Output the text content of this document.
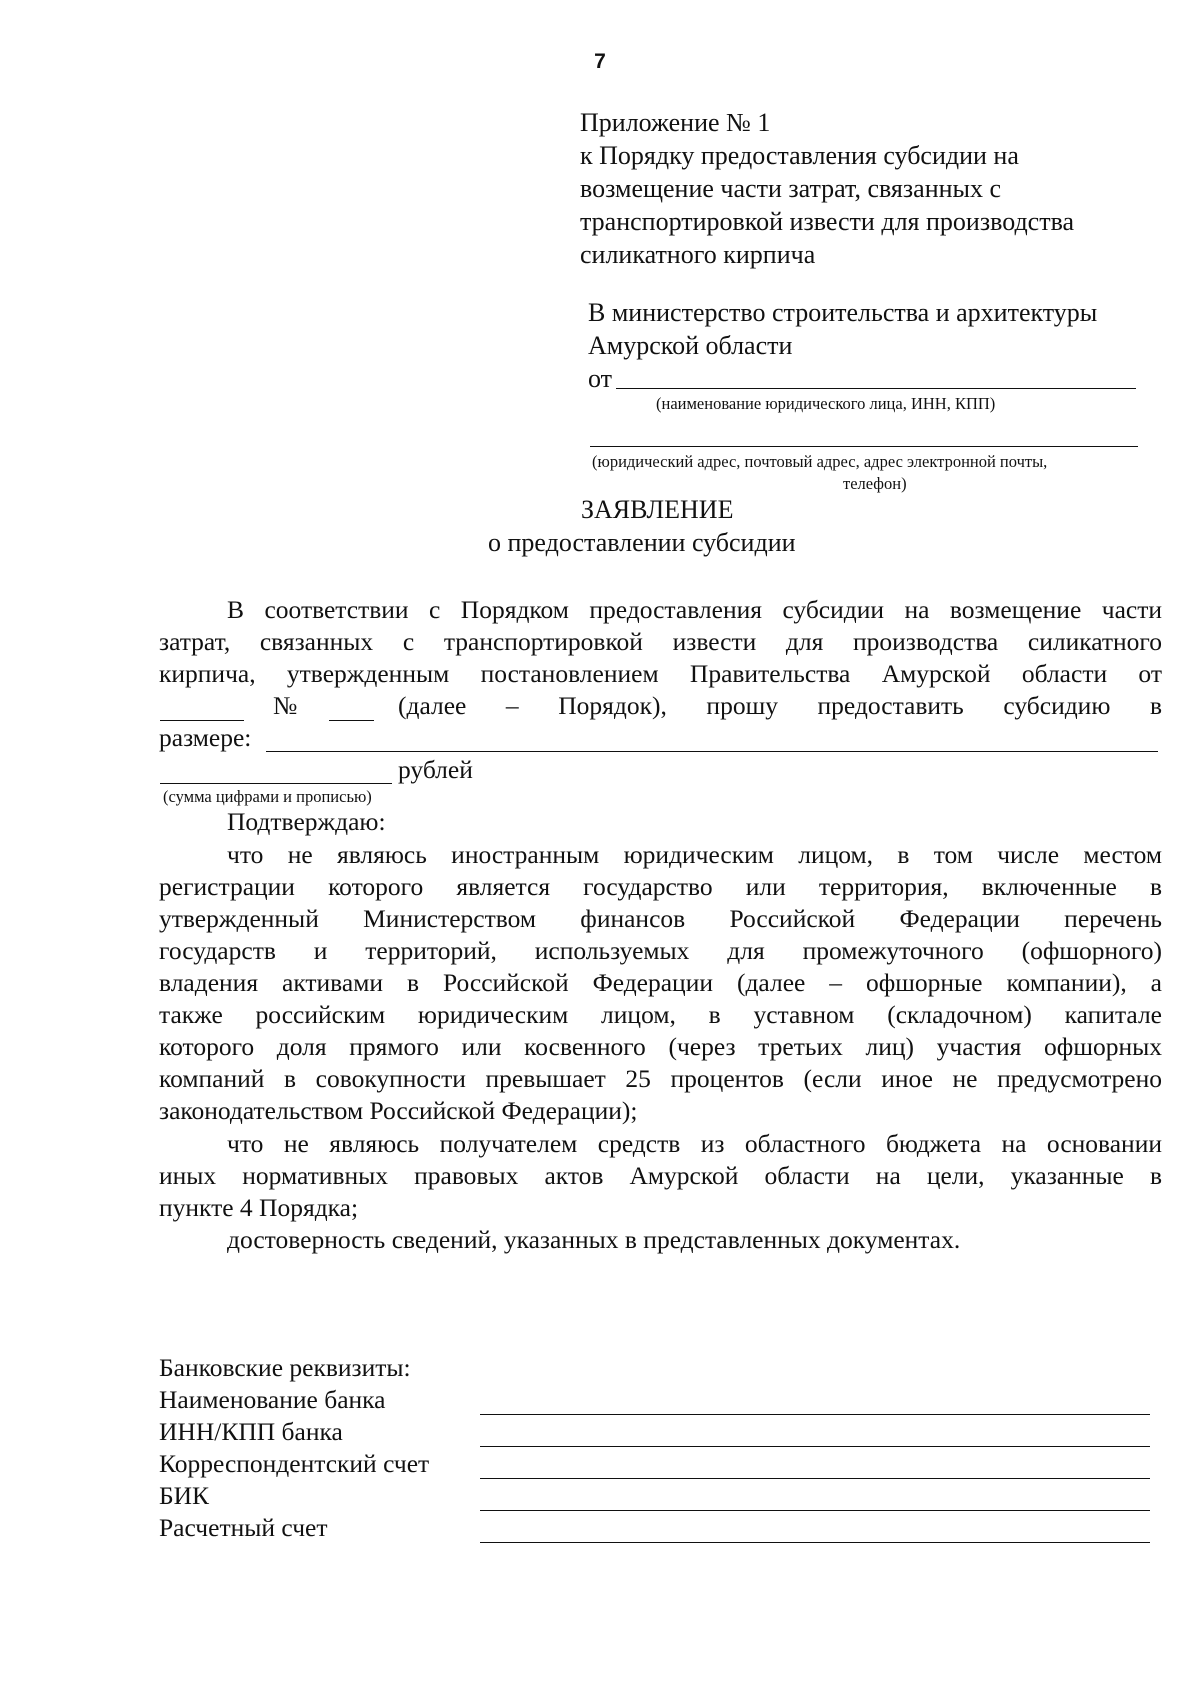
7
Приложение № 1
к Порядку предоставления субсидии на
возмещение части затрат, связанных с
транспортировкой извести для производства
силикатного кирпича
В министерство строительства и архитектуры
Амурской области
от
(наименование юридического лица, ИНН, КПП)
(юридический адрес, почтовый адрес, адрес электронной почты,
телефон)
ЗАЯВЛЕНИЕ
о предоставлении субсидии
В соответствии с Порядком предоставления субсидии на возмещение части
затрат, связанных с транспортировкой извести для производства силикатного
кирпича, утвержденным постановлением Правительства Амурской области от
№	(далее – Порядок), прошу предоставить субсидию в
размере:
рублей
(сумма цифрами и прописью)
Подтверждаю:
что не являюсь иностранным юридическим лицом, в том числе местом
регистрации которого является государство или территория, включенные в
утвержденный Министерством финансов Российской Федерации перечень
государств и территорий, используемых для промежуточного (офшорного)
владения активами в Российской Федерации (далее – офшорные компании), а
также российским юридическим лицом, в уставном (складочном) капитале
которого доля прямого или косвенного (через третьих лиц) участия офшорных
компаний в совокупности превышает 25 процентов (если иное не предусмотрено
законодательством Российской Федерации);
что не являюсь получателем средств из областного бюджета на основании
иных нормативных правовых актов Амурской области на цели, указанные в
пункте 4 Порядка;
достоверность сведений, указанных в представленных документах.
Банковские реквизиты:
Наименование банка
ИНН/КПП банка
Корреспондентский счет
БИК
Расчетный счет
